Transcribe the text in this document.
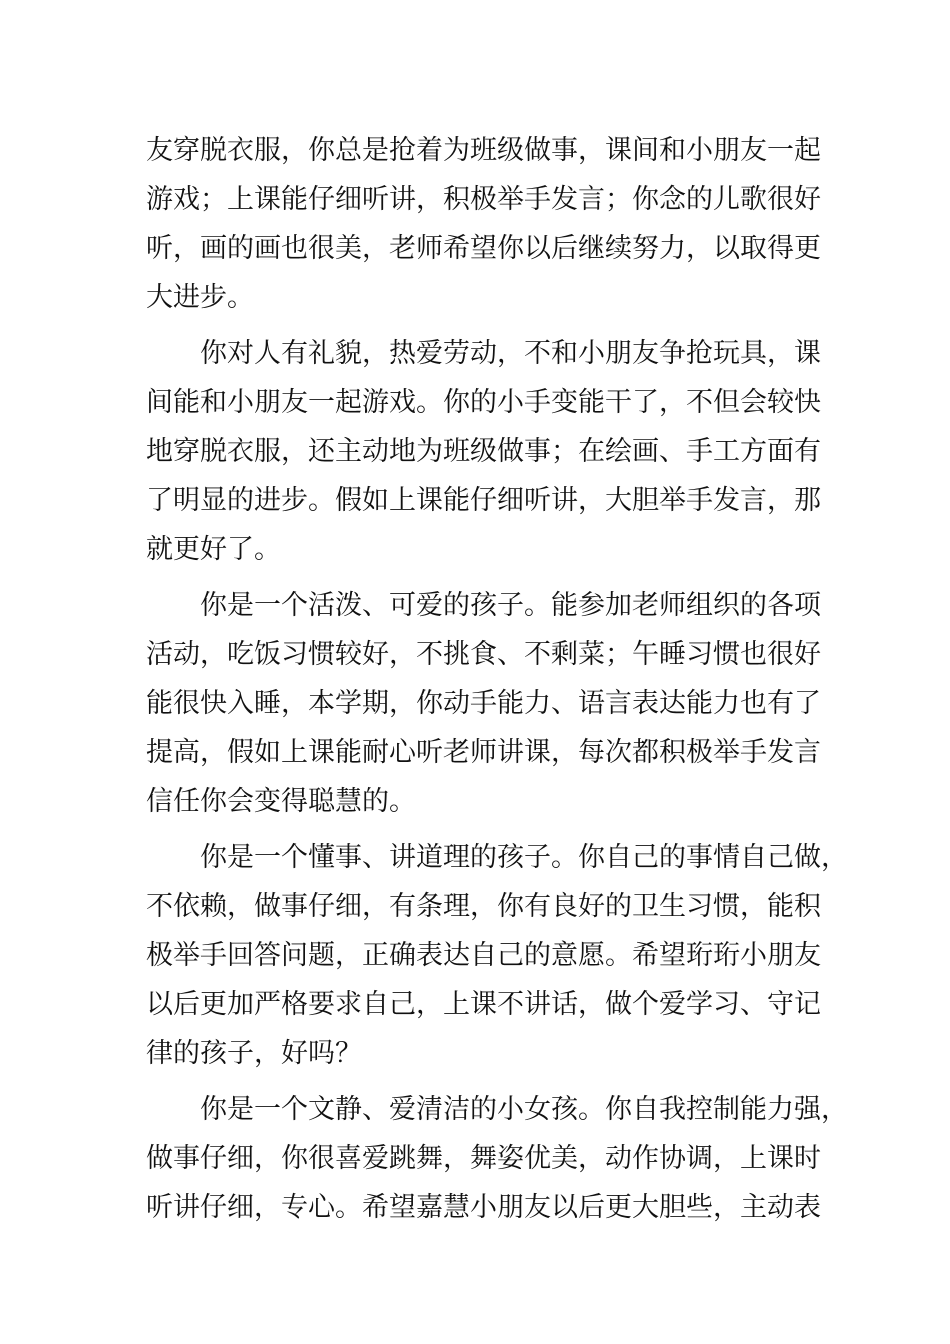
友穿脱衣服，你总是抢着为班级做事，课间和小朋友一起
游戏；上课能仔细听讲，积极举手发言；你念的儿歌很好
听，画的画也很美，老师希望你以后继续努力，以取得更
大进步。

你对人有礼貌，热爱劳动，不和小朋友争抢玩具，课
间能和小朋友一起游戏。你的小手变能干了，不但会较快
地穿脱衣服，还主动地为班级做事；在绘画、手工方面有
了明显的进步。假如上课能仔细听讲，大胆举手发言，那
就更好了。

你是一个活泼、可爱的孩子。能参加老师组织的各项
活动，吃饭习惯较好，不挑食、不剩菜；午睡习惯也很好
能很快入睡，本学期，你动手能力、语言表达能力也有了
提高，假如上课能耐心听老师讲课，每次都积极举手发言
信任你会变得聪慧的。

你是一个懂事、讲道理的孩子。你自己的事情自己做，
不依赖，做事仔细，有条理，你有良好的卫生习惯，能积
极举手回答问题，正确表达自己的意愿。希望珩珩小朋友
以后更加严格要求自己，上课不讲话，做个爱学习、守记
律的孩子，好吗？

你是一个文静、爱清洁的小女孩。你自我控制能力强，
做事仔细，你很喜爱跳舞，舞姿优美，动作协调，上课时
听讲仔细，专心。希望嘉慧小朋友以后更大胆些，主动表
